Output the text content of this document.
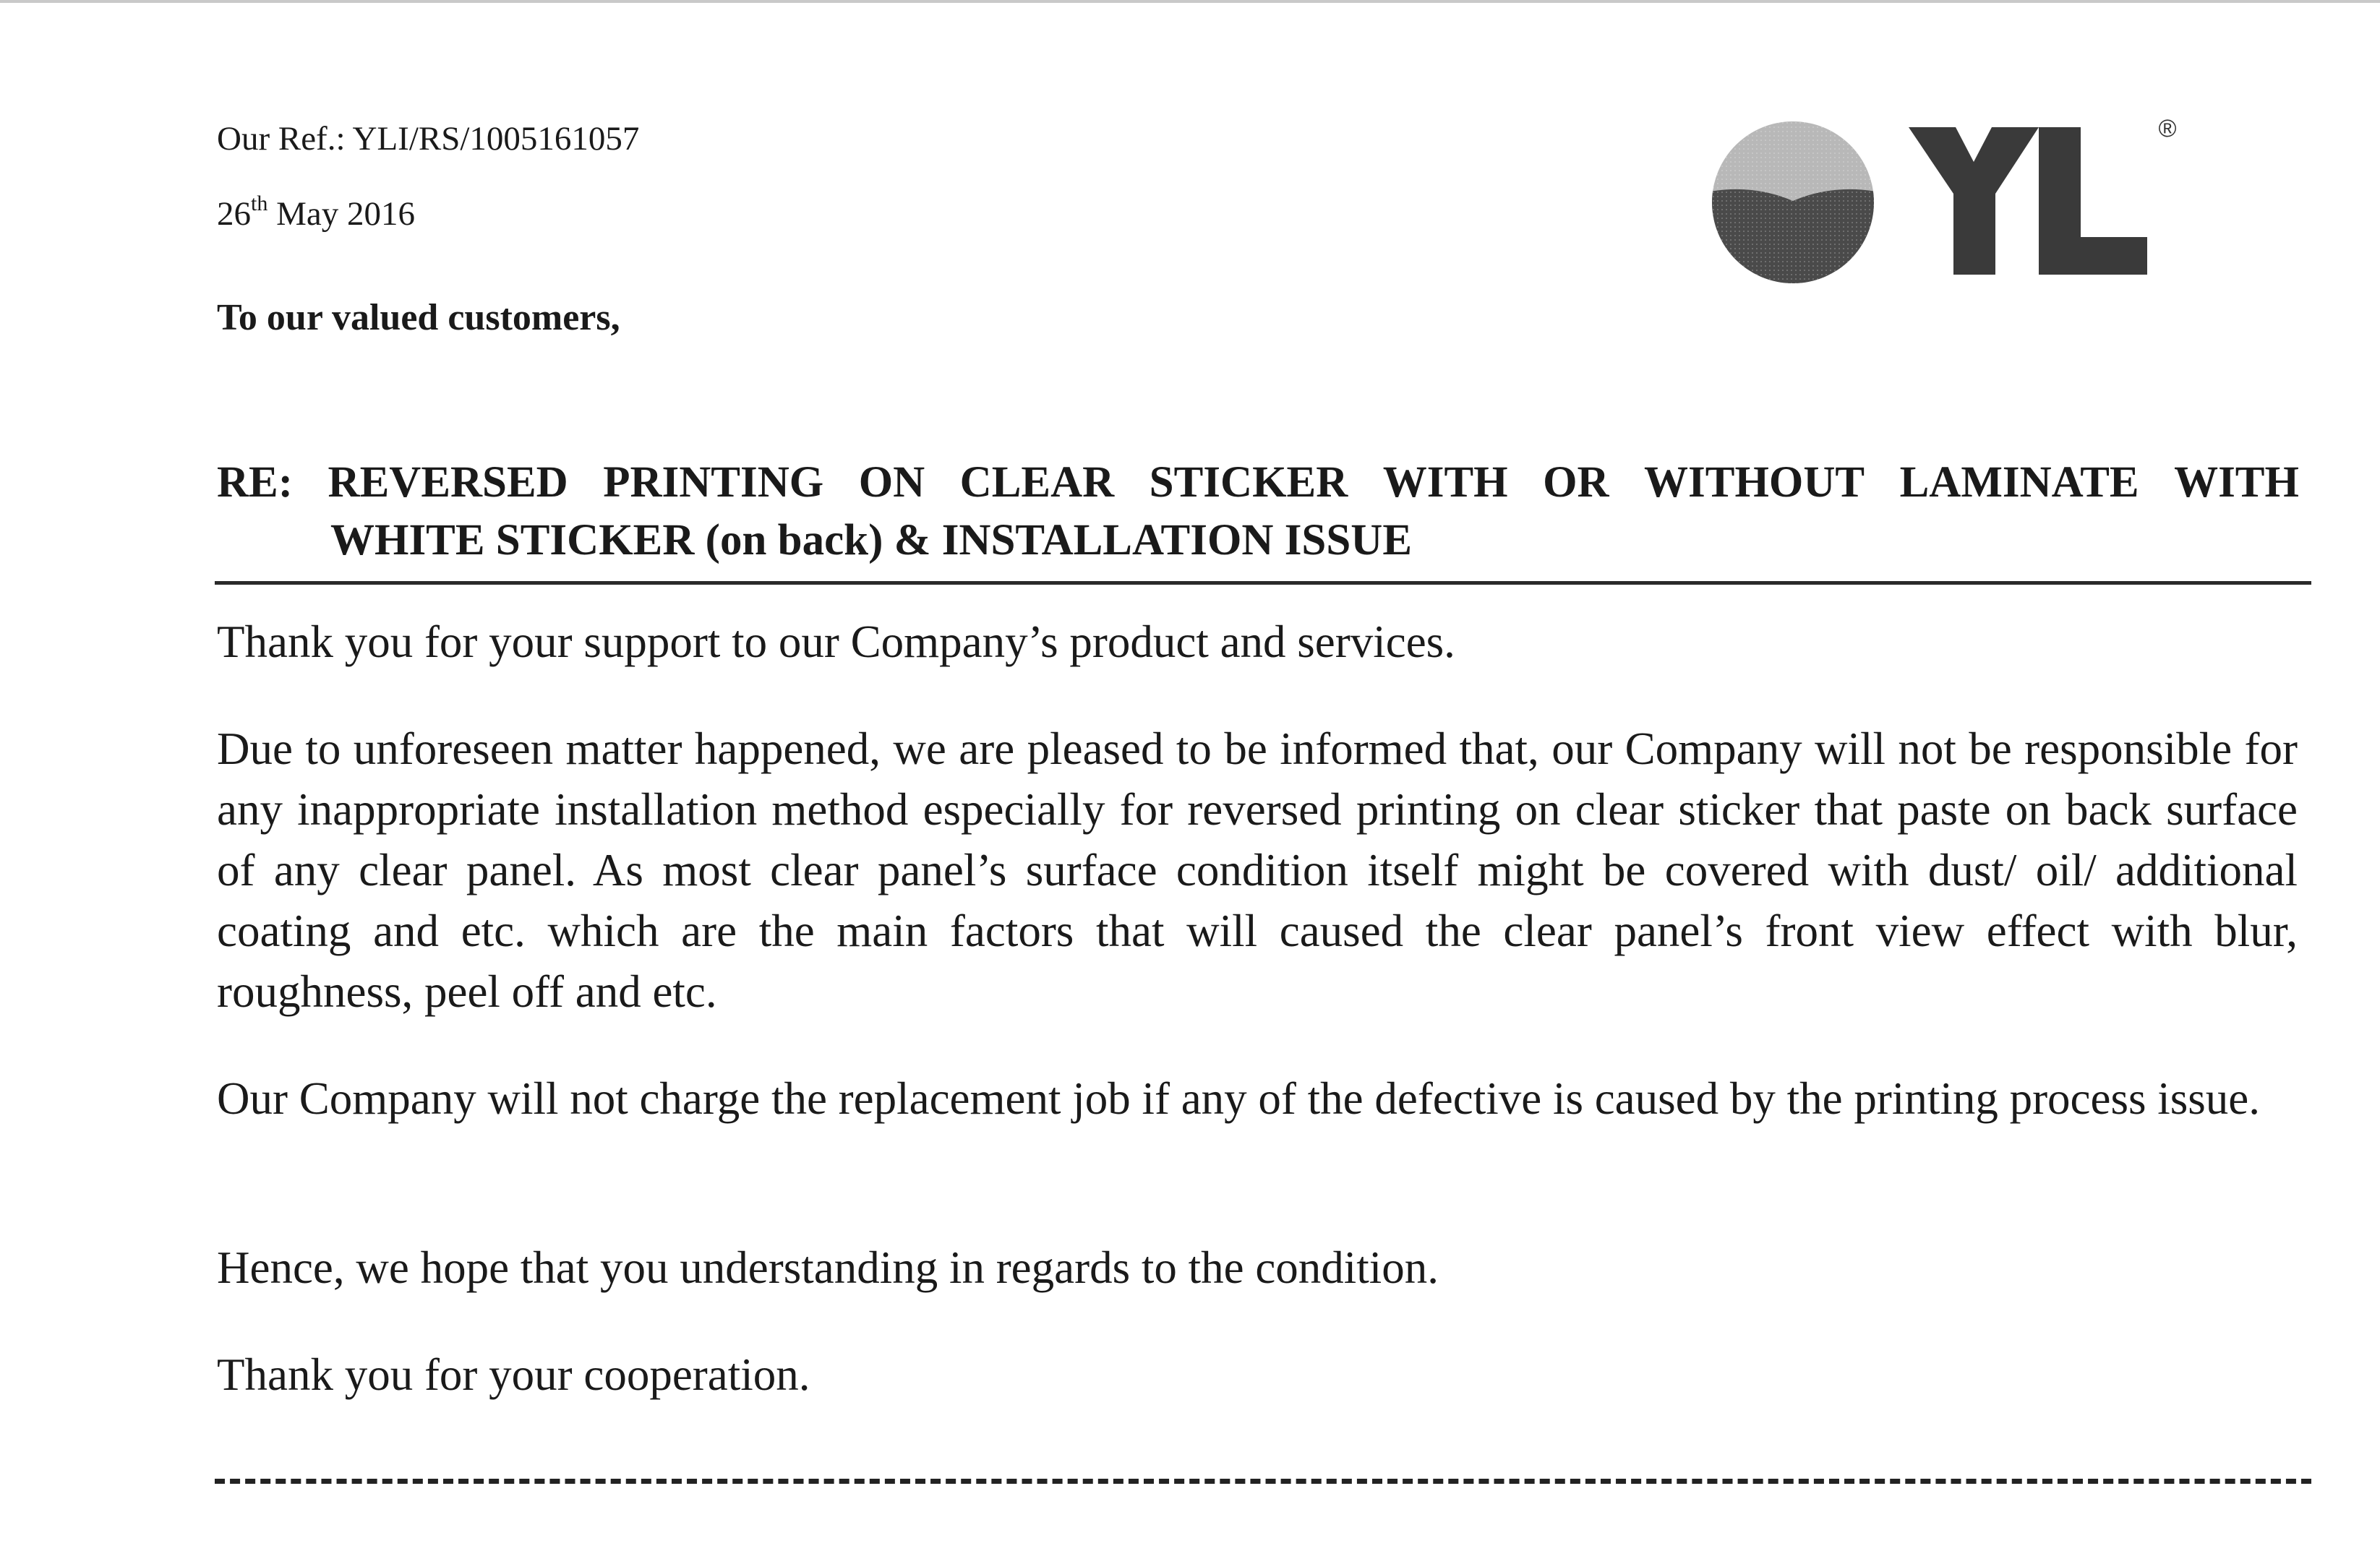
Our Ref.: YLI/RS/1005161057
26th May 2016
To our valued customers,
®
RE: REVERSED PRINTING ON CLEAR STICKER WITH OR WITHOUT LAMINATE WITH
WHITE STICKER (on back) & INSTALLATION ISSUE
Thank you for your support to our Company’s product and services.
Due to unforeseen matter happened, we are pleased to be informed that, our Company will not be responsible for any inappropriate installation method especially for reversed printing on clear sticker that paste on back surface of any clear panel. As most clear panel’s surface condition itself might be covered with dust/ oil/ additional coating and etc. which are the main factors that will caused the clear panel’s front view effect with blur, roughness, peel off and etc.
Our Company will not charge the replacement job if any of the defective is caused by the printing process issue.
Hence, we hope that you understanding in regards to the condition.
Thank you for your cooperation.
